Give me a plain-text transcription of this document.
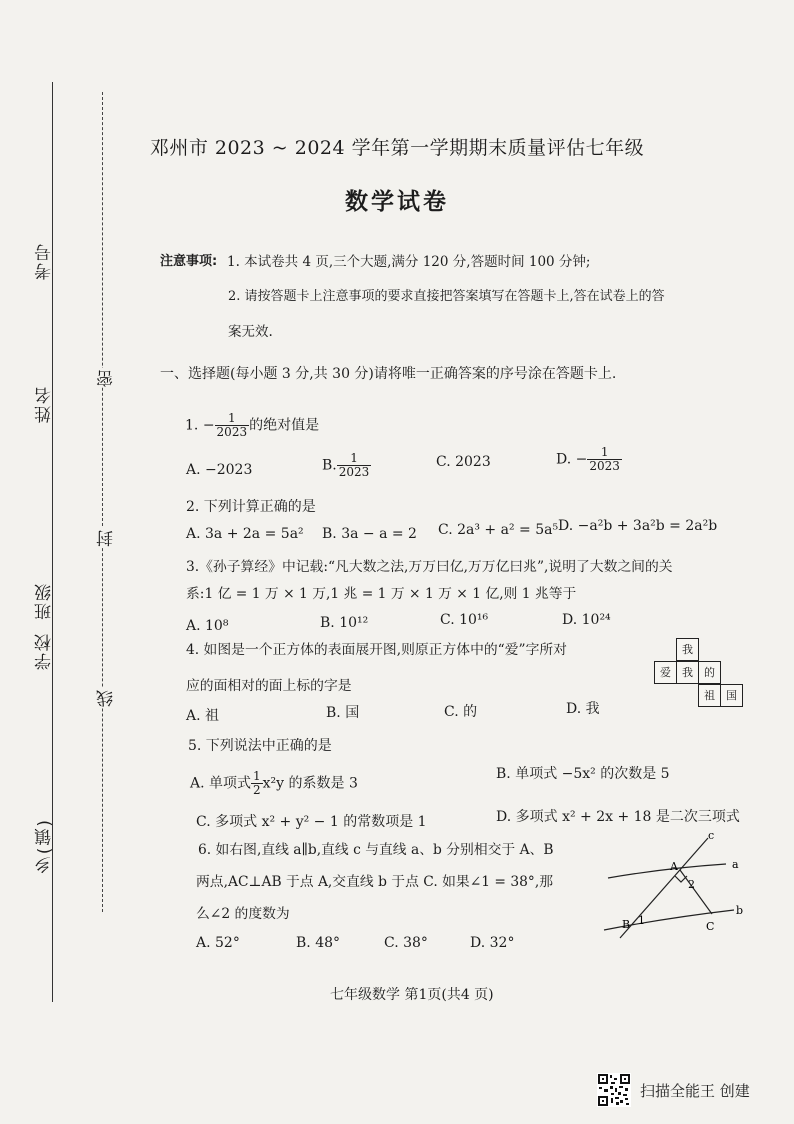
密
封
线
考号
姓名
班级
学校
乡(镇)
邓州市 2023 ~ 2024 学年第一学期期末质量评估七年级
数学试卷
注意事项: 1. 本试卷共 4 页,三个大题,满分 120 分,答题时间 100 分钟;
2. 请按答题卡上注意事项的要求直接把答案填写在答题卡上,答在试卷上的答
案无效.
一、选择题(每小题 3 分,共 30 分)请将唯一正确答案的序号涂在答题卡上.
1. − $\frac{1}{2023}$ 的绝对值是
A. −2023	B. $\frac{1}{2023}$	C. 2023	D. − $\frac{1}{2023}$
2. 下列计算正确的是
A. 3a + 2a = 5a² B. 3a − a = 2 C. 2a³ + a² = 5a⁵ D. −a²b + 3a²b = 2a²b
3.《孙子算经》中记载:“凡大数之法,万万曰亿,万万亿曰兆”,说明了大数之间的关
系:1 亿 = 1 万 × 1 万,1 兆 = 1 万 × 1 万 × 1 亿,则 1 兆等于
A. 10⁸	B. 10¹²	C. 10¹⁶	D. 10²⁴
4. 如图是一个正方体的表面展开图,则原正方体中的“爱”字所对
应的面相对的面上标的字是
A. 祖	B. 国	C. 的	D. 我
我
爱	我	的
祖	国
5. 下列说法中正确的是
A. 单项式 $\frac{1}{2} x^2y$ 的系数是 3
B. 单项式 −5x² 的次数是 5
C. 多项式 x² + y² − 1 的常数项是 1	D. 多项式 x² + 2x + 18 是二次三项式
6. 如右图,直线 a∥b,直线 c 与直线 a、b 分别相交于 A、B
两点,AC⊥AB 于点 A,交直线 b 于点 C. 如果∠1 = 38°,那
么∠2 的度数为
A. 52°	B. 48°	C. 38°	D. 32°
c
a
b
A
B	C
1
2
七年级数学 第1页(共4 页)
扫描全能王 创建
